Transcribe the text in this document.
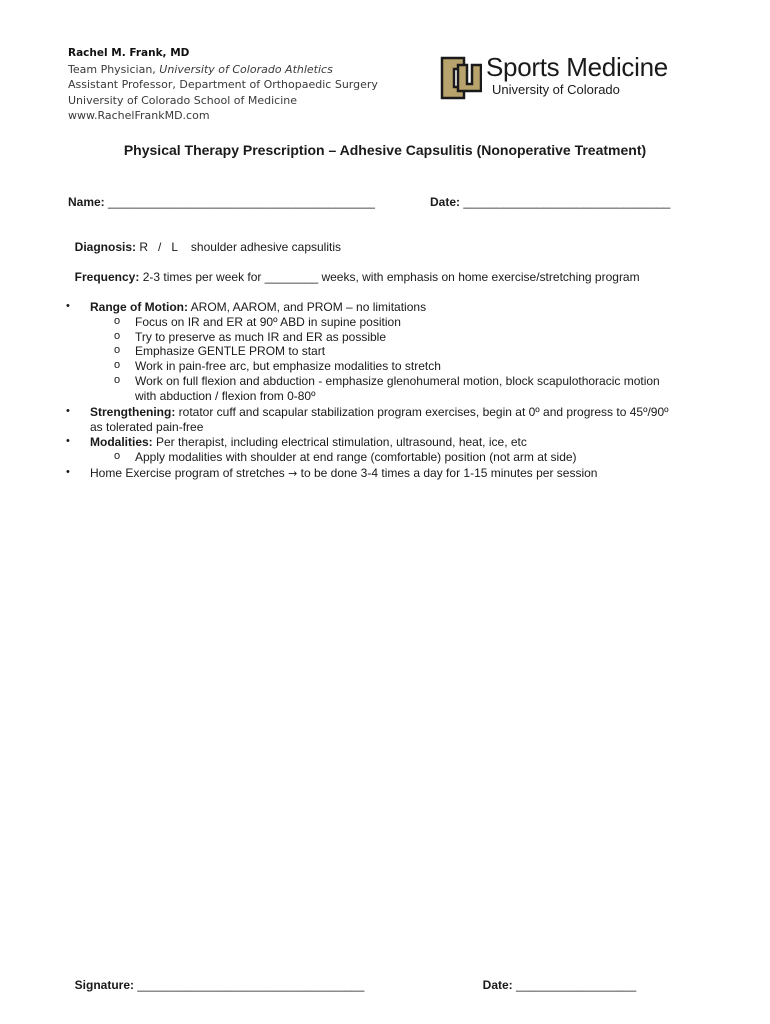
Rachel M. Frank, MD
Team Physician, University of Colorado Athletics
Assistant Professor, Department of Orthopaedic Surgery
University of Colorado School of Medicine
www.RachelFrankMD.com
Sports Medicine
University of Colorado
Physical Therapy Prescription – Adhesive Capsulitis (Nonoperative Treatment)
Name: ________________________________________	Date: _______________________________

Diagnosis: R   /   L    shoulder adhesive capsulitis

Frequency: 2-3 times per week for ________ weeks, with emphasis on home exercise/stretching program

• Range of Motion: AROM, AAROM, and PROM – no limitations
o Focus on IR and ER at 90º ABD in supine position
o Try to preserve as much IR and ER as possible
o Emphasize GENTLE PROM to start
o Work in pain-free arc, but emphasize modalities to stretch
o Work on full flexion and abduction - emphasize glenohumeral motion, block scapulothoracic motion
with abduction / flexion from 0-80º
• Strengthening: rotator cuff and scapular stabilization program exercises, begin at 0º and progress to 45º/90º
as tolerated pain-free
• Modalities: Per therapist, including electrical stimulation, ultrasound, heat, ice, etc
o Apply modalities with shoulder at end range (comfortable) position (not arm at side)
• Home Exercise program of stretches → to be done 3-4 times a day for 1-15 minutes per session

Signature: __________________________________	Date: __________________
